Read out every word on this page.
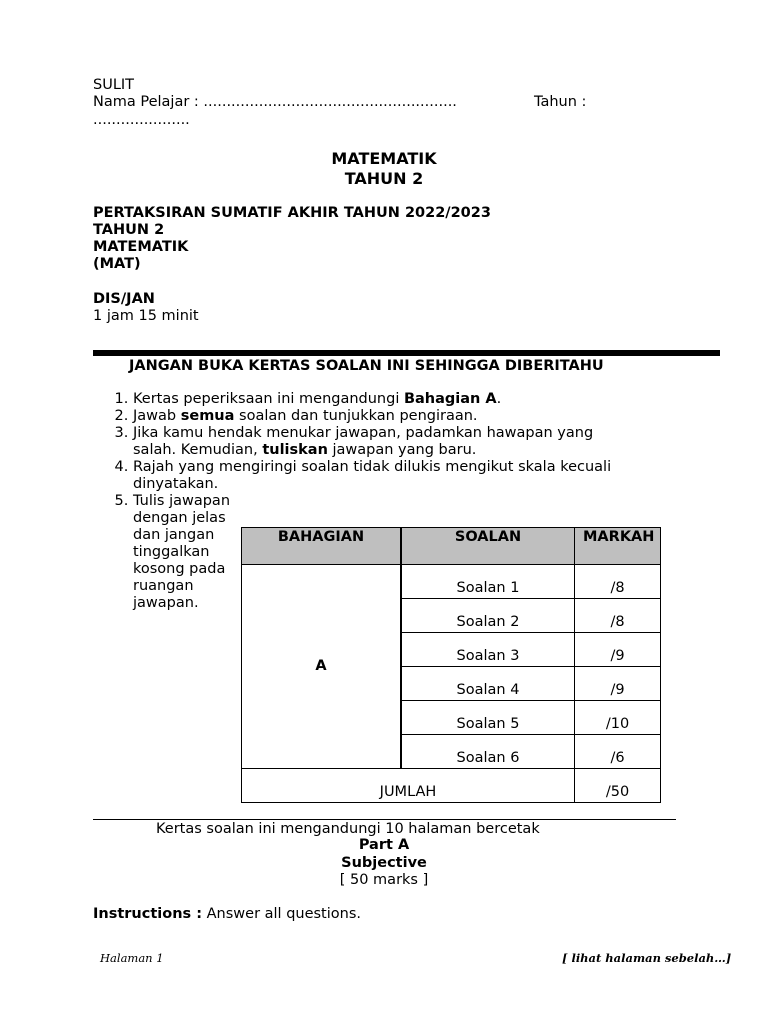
SULIT
Nama Pelajar : .......................................................	Tahun :
.....................
MATEMATIK
TAHUN 2
PERTAKSIRAN SUMATIF AKHIR TAHUN 2022/2023
TAHUN 2
MATEMATIK
(MAT)
DIS/JAN
1 jam 15 minit
JANGAN BUKA KERTAS SOALAN INI SEHINGGA DIBERITAHU
1. Kertas peperiksaan ini mengandungi Bahagian A.
2. Jawab semua soalan dan tunjukkan pengiraan.
3. Jika kamu hendak menukar jawapan, padamkan hawapan yang salah. Kemudian, tuliskan jawapan yang baru.
4. Rajah yang mengiringi soalan tidak dilukis mengikut skala kecuali dinyatakan.
5. Tulis jawapan dengan jelas dan jangan tinggalkan kosong pada ruangan jawapan.
BAHAGIAN	SOALAN	MARKAH
A	Soalan 1	/8
	Soalan 2	/8
	Soalan 3	/9
	Soalan 4	/9
	Soalan 5	/10
	Soalan 6	/6
JUMLAH		/50
Kertas soalan ini mengandungi 10 halaman bercetak
Part A
Subjective
[ 50 marks ]
Instructions : Answer all questions.
Halaman 1	[ lihat halaman sebelah…]
